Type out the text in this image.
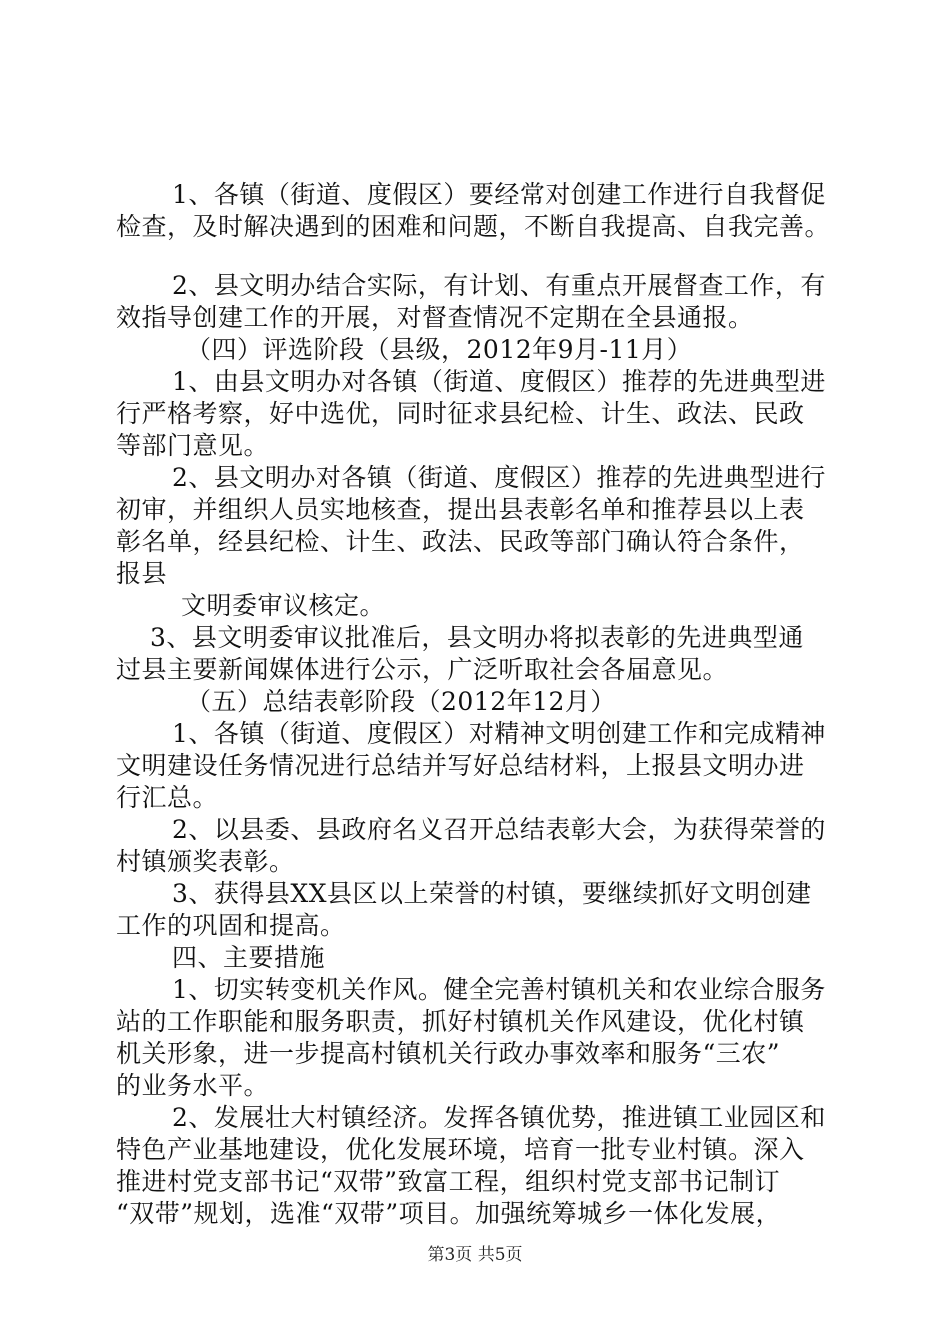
1、各镇（街道、度假区）要经常对创建工作进行自我督促
检查，及时解决遇到的困难和问题，不断自我提高、自我完善。
2、县文明办结合实际，有计划、有重点开展督查工作，有
效指导创建工作的开展，对督查情况不定期在全县通报。
（四）评选阶段（县级，2012年9月-11月）
1、由县文明办对各镇（街道、度假区）推荐的先进典型进
行严格考察，好中选优，同时征求县纪检、计生、政法、民政
等部门意见。
2、县文明办对各镇（街道、度假区）推荐的先进典型进行
初审，并组织人员实地核查，提出县表彰名单和推荐县以上表
彰名单，经县纪检、计生、政法、民政等部门确认符合条件，
报县
文明委审议核定。
3、县文明委审议批准后，县文明办将拟表彰的先进典型通
过县主要新闻媒体进行公示，广泛听取社会各届意见。
（五）总结表彰阶段（2012年12月）
1、各镇（街道、度假区）对精神文明创建工作和完成精神
文明建设任务情况进行总结并写好总结材料，上报县文明办进
行汇总。
2、以县委、县政府名义召开总结表彰大会，为获得荣誉的
村镇颁奖表彰。
3、获得县XX县区以上荣誉的村镇，要继续抓好文明创建
工作的巩固和提高。
四、主要措施
1、切实转变机关作风。健全完善村镇机关和农业综合服务
站的工作职能和服务职责，抓好村镇机关作风建设，优化村镇
机关形象，进一步提高村镇机关行政办事效率和服务“三农”
的业务水平。
2、发展壮大村镇经济。发挥各镇优势，推进镇工业园区和
特色产业基地建设，优化发展环境，培育一批专业村镇。深入
推进村党支部书记“双带”致富工程，组织村党支部书记制订
“双带”规划，选准“双带”项目。加强统筹城乡一体化发展，
第3页 共5页
